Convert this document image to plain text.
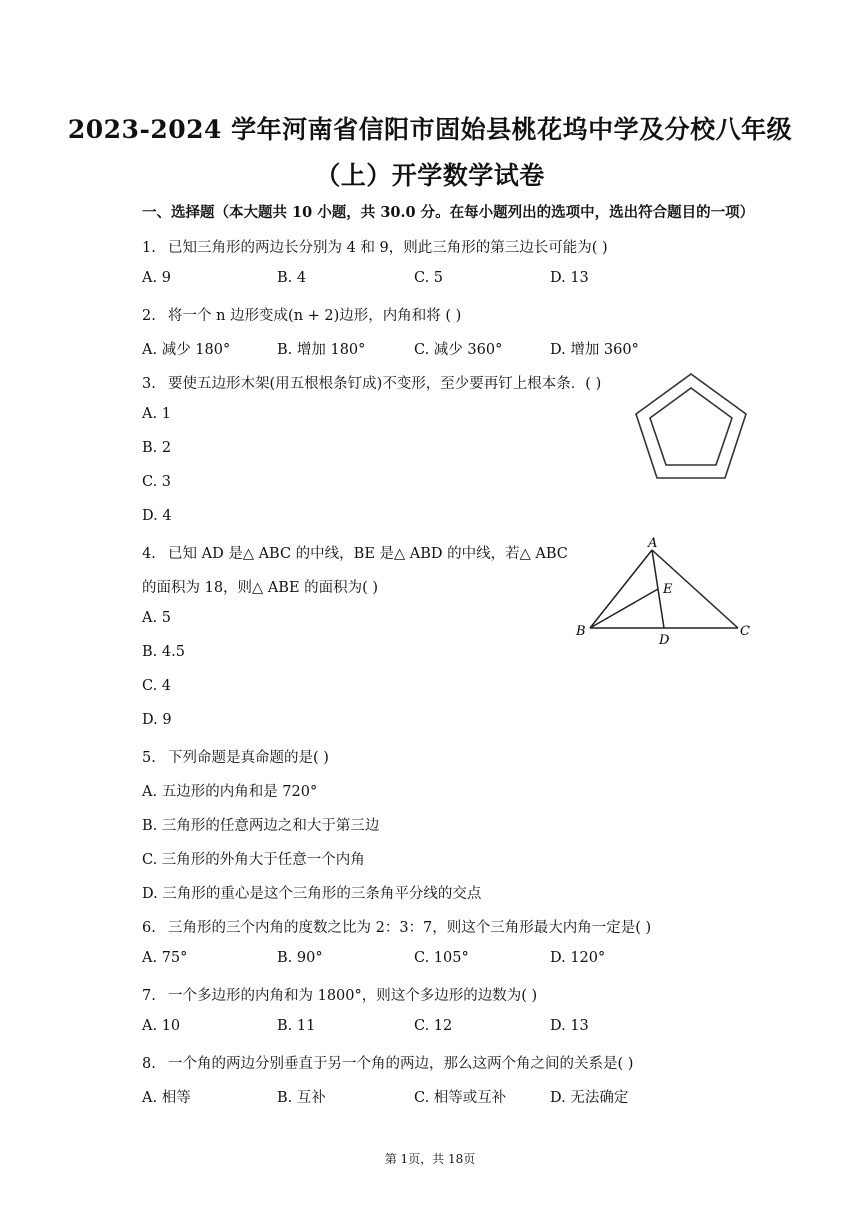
2023-2024 学年河南省信阳市固始县桃花坞中学及分校八年级
（上）开学数学试卷
一、选择题（本大题共 10 小题，共 30.0 分。在每小题列出的选项中，选出符合题目的一项）
1. 已知三角形的两边长分别为 4 和 9，则此三角形的第三边长可能为( )
A. 9	B. 4	C. 5	D. 13
2. 将一个 n 边形变成(n + 2)边形，内角和将 ( )
A. 减少 180°	B. 增加 180°	C. 减少 360°	D. 增加 360°
3. 要使五边形木架(用五根根条钉成)不变形，至少要再钉上根本条．( )
A. 1
B. 2
C. 3
D. 4
4. 已知 AD 是△ ABC 的中线，BE 是△ ABD 的中线，若△ ABC
的面积为 18，则△ ABE 的面积为( )
A. 5
B. 4.5
C. 4
D. 9
A
B	C
D
E
5. 下列命题是真命题的是( )
A. 五边形的内角和是 720°
B. 三角形的任意两边之和大于第三边
C. 三角形的外角大于任意一个内角
D. 三角形的重心是这个三角形的三条角平分线的交点
6. 三角形的三个内角的度数之比为 2：3：7，则这个三角形最大内角一定是( )
A. 75°	B. 90°	C. 105°	D. 120°
7. 一个多边形的内角和为 1800°，则这个多边形的边数为( )
A. 10	B. 11	C. 12	D. 13
8. 一个角的两边分别垂直于另一个角的两边，那么这两个角之间的关系是( )
A. 相等	B. 互补	C. 相等或互补	D. 无法确定
第 1页，共 18页
